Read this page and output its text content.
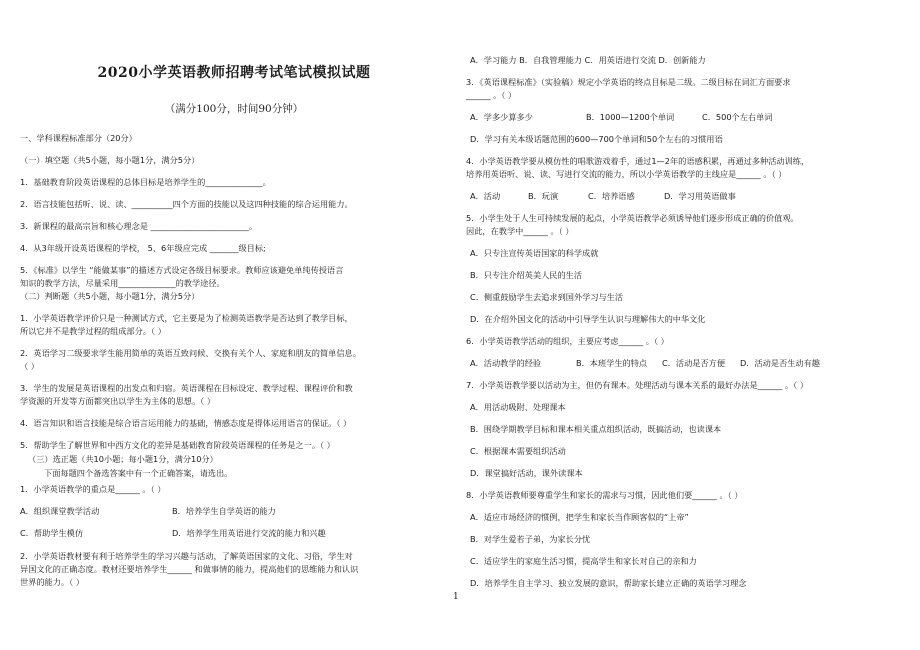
2020小学英语教师招聘考试笔试模拟试题
（满分100分，时间90分钟）
一、学科课程标准部分（20分）
（一）填空题（共5小题，每小题1分，满分5分）
1．基础教育阶段英语课程的总体目标是培养学生的______________。
2．语言技能包括听、说、读、__________四个方面的技能以及这四种技能的综合运用能力。
3．新课程的最高宗旨和核心理念是 ________________________。
4．从3年级开设英语课程的学校， 5、6年级应完成 _______级目标;
5．《标准》以学生 “能做某事”的描述方式设定各级目标要求。教师应该避免单纯传授语言
知识的教学方法，尽量采用______________的教学途径。
（二）判断题（共5小题，每小题1分，满分5分）
1．小学英语教学评价只是一种测试方式，它主要是为了检测英语教学是否达到了教学目标，
所以它并不是教学过程的组成部分。（ ）
2．英语学习二级要求学生能用简单的英语互致问候、交换有关个人、家庭和朋友的简单信息。
（ ）
3．学生的发展是英语课程的出发点和归宿。英语课程在目标设定、教学过程、课程评价和教
学资源的开发等方面都突出以学生为主体的思想。（ ）
4．语言知识和语言技能是综合语言运用能力的基础，情感态度是得体运用语言的保证。（ ）
5．帮助学生了解世界和中西方文化的差异是基础教育阶段英语课程的任务是之一。（ ）
（三）选正题（共10小题；每小题1分，满分10分）
下面每题四个备选答案中有一个正确答案，请选出。
1．小学英语教学的重点是______ 。（ ）
A．组织课堂教学活动	B．培养学生自学英语的能力
C．帮助学生模仿	D．培养学生用英语进行交流的能力和兴趣
2．小学英语教材要有利于培养学生的学习兴趣与活动，了解英语国家的文化、习俗，学生对
异国文化的正确态度。教材还要培养学生______ 和做事情的能力，提高他们的思维能力和认识
世界的能力。（ ）
A．学习能力 B．自我管理能力 C．用英语进行交流 D．创新能力
3．《英语课程标准》（实验稿）规定小学英语的终点目标是二级。二级目标在词汇方面要求
______ 。（ ）
A．学多少算多少	B．1000—1200个单词	C．500个左右单词
D．学习有关本级话题范围的600—700个单词和50个左右的习惯用语
4．小学英语教学要从模仿性的唱歌游戏着手，通过1—2年的语感积累，再通过多种活动训练，
培养用英语听、说、读、写进行交流的能力，所以小学英语教学的主线应是______ 。（ ）
A．活动	B．玩演	C．培养语感	D．学习用英语做事
5．小学生处于人生可持续发展的起点，小学英语教学必须诱导他们逐步形成正确的价值观。
因此，在教学中______ 。（ ）
A．只专注宣传英语国家的科学成就
B．只专注介绍英美人民的生活
C．侧重鼓励学生去追求到国外学习与生活
D．在介绍外国文化的活动中引导学生认识与理解伟大的中华文化
6．小学英语教学活动的组织，主要应考虑______ 。（ ）
A．活动教学的经验	B．本班学生的特点 C．活动是否方便 D．活动是否生动有趣
7．小学英语教学要以活动为主，但仍有课本。处理活动与课本关系的最好办法是______ 。（ ）
A．用活动吸附、处理课本
B．围绕学期教学目标和课本相关重点组织活动，既搞活动，也读课本
C．根据课本需要组织活动
D．课堂搞好活动，课外读课本
8．小学英语教师要尊重学生和家长的需求与习惯，因此他们要______ 。（ ）
A．适应市场经济的惯例，把学生和家长当作顾客似的“上帝”
B．对学生爱若子弟，为家长分忧
C．适应学生的家庭生活习惯，提高学生和家长对自己的亲和力
D．培养学生自主学习、独立发展的意识，帮助家长建立正确的英语学习理念
1
